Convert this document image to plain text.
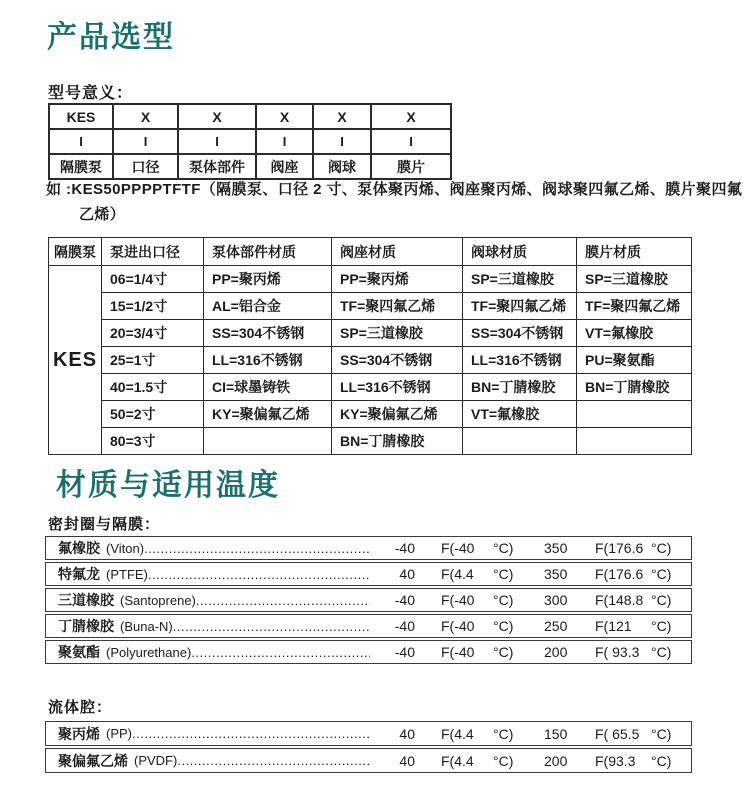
产品选型
型号意义：
KES	X	X	X	X	X
I	I	I	I	I	I
隔膜泵	口径	泵体部件	阀座	阀球	膜片
如 :KES50PPPPTFTF（隔膜泵、口径 2 寸、泵体聚丙烯、阀座聚丙烯、阀球聚四氟乙烯、膜片聚四氟乙烯）
隔膜泵	泵进出口径	泵体部件材质	阀座材质	阀球材质	膜片材质
KES	06=1/4寸	PP=聚丙烯	PP=聚丙烯	SP=三道橡胶	SP=三道橡胶
	15=1/2寸	AL=铝合金	TF=聚四氟乙烯	TF=聚四氟乙烯	TF=聚四氟乙烯
	20=3/4寸	SS=304不锈钢	SP=三道橡胶	SS=304不锈钢	VT=氟橡胶
	25=1寸	LL=316不锈钢	SS=304不锈钢	LL=316不锈钢	PU=聚氨酯
	40=1.5寸	CI=球墨铸铁	LL=316不锈钢	BN=丁腈橡胶	BN=丁腈橡胶
	50=2寸	KY=聚偏氟乙烯	KY=聚偏氟乙烯	VT=氟橡胶	
	80=3寸		BN=丁腈橡胶		
材质与适用温度
密封圈与隔膜：
氟橡胶 (Viton) .....	-40 F(-40	°C)	350	F(176.6 °C)
特氟龙 (PTFE) .....	40 F(4.4	°C)	350	F(176.6 °C)
三道橡胶 (Santoprene) .....	-40 F(-40	°C)	300	F(148.8 °C)
丁腈橡胶 (Buna-N) .....	-40 F(-40	°C)	250	F(121	°C)
聚氨酯 (Polyurethane) .....	-40 F(-40	°C)	200	F( 93.3 °C)
流体腔：
聚丙烯 (PP) .....	40 F(4.4	°C)	150	F( 65.5 °C)
聚偏氟乙烯 (PVDF) .....	40 F(4.4	°C)	200	F(93.3	°C)
